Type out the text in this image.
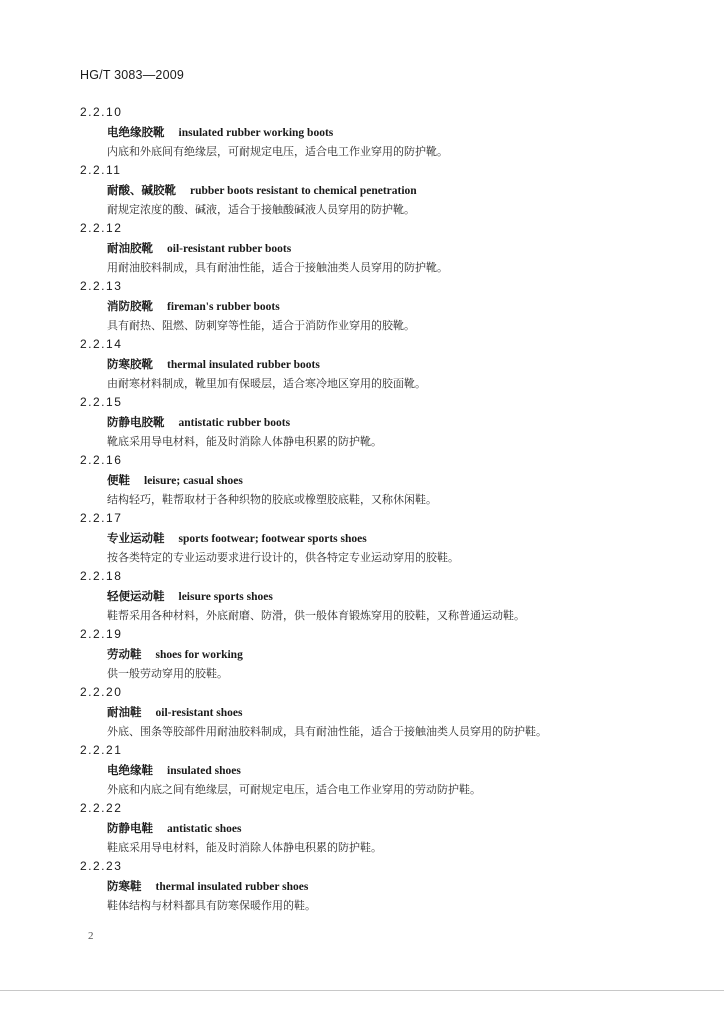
HG/T 3083—2009
2.2.10
电绝缘胶靴 insulated rubber working boots
内底和外底间有绝缘层，可耐规定电压，适合电工作业穿用的防护靴。
2.2.11
耐酸、碱胶靴 rubber boots resistant to chemical penetration
耐规定浓度的酸、碱液，适合于接触酸碱液人员穿用的防护靴。
2.2.12
耐油胶靴 oil-resistant rubber boots
用耐油胶料制成，具有耐油性能，适合于接触油类人员穿用的防护靴。
2.2.13
消防胶靴 fireman's rubber boots
具有耐热、阻燃、防刺穿等性能，适合于消防作业穿用的胶靴。
2.2.14
防寒胶靴 thermal insulated rubber boots
由耐寒材料制成，靴里加有保暖层，适合寒冷地区穿用的胶面靴。
2.2.15
防静电胶靴 antistatic rubber boots
靴底采用导电材料，能及时消除人体静电积累的防护靴。
2.2.16
便鞋 leisure; casual shoes
结构轻巧，鞋帮取材于各种织物的胶底或橡塑胶底鞋，又称休闲鞋。
2.2.17
专业运动鞋 sports footwear; footwear sports shoes
按各类特定的专业运动要求进行设计的，供各特定专业运动穿用的胶鞋。
2.2.18
轻便运动鞋 leisure sports shoes
鞋帮采用各种材料，外底耐磨、防滑，供一般体育锻炼穿用的胶鞋，又称普通运动鞋。
2.2.19
劳动鞋 shoes for working
供一般劳动穿用的胶鞋。
2.2.20
耐油鞋 oil-resistant shoes
外底、围条等胶部件用耐油胶料制成，具有耐油性能，适合于接触油类人员穿用的防护鞋。
2.2.21
电绝缘鞋 insulated shoes
外底和内底之间有绝缘层，可耐规定电压，适合电工作业穿用的劳动防护鞋。
2.2.22
防静电鞋 antistatic shoes
鞋底采用导电材料，能及时消除人体静电积累的防护鞋。
2.2.23
防寒鞋 thermal insulated rubber shoes
鞋体结构与材料都具有防寒保暖作用的鞋。
2
